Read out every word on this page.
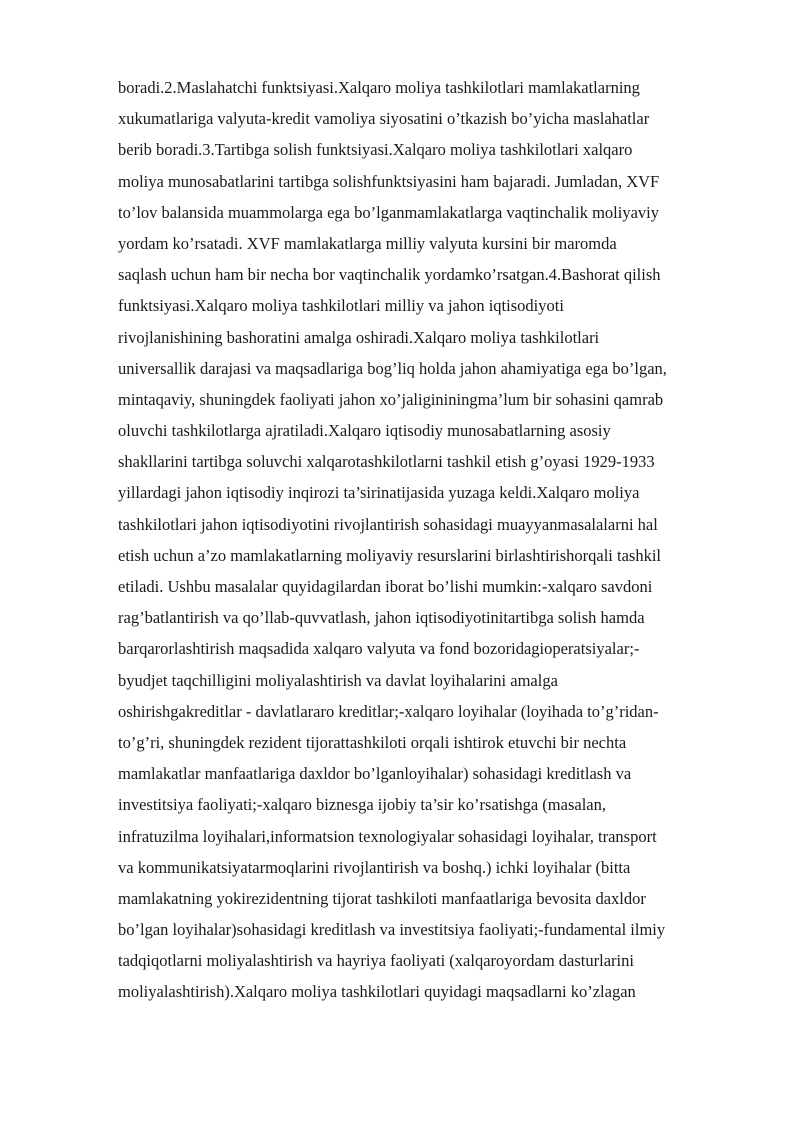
boradi.2.Maslahatchi funktsiyasi.Xalqaro moliya tashkilotlari mamlakatlarning
xukumatlariga valyuta-kredit vamoliya siyosatini o’tkazish bo’yicha maslahatlar
berib boradi.3.Tartibga solish funktsiyasi.Xalqaro moliya tashkilotlari xalqaro
moliya munosabatlarini tartibga solishfunktsiyasini ham bajaradi. Jumladan, XVF
to’lov balansida muammolarga ega bo’lganmamlakatlarga vaqtinchalik moliyaviy
yordam ko’rsatadi. XVF mamlakatlarga milliy valyuta kursini bir maromda
saqlash uchun ham bir necha bor vaqtinchalik yordamko’rsatgan.4.Bashorat qilish
funktsiyasi.Xalqaro moliya tashkilotlari milliy va jahon iqtisodiyoti
rivojlanishining bashoratini amalga oshiradi.Xalqaro moliya tashkilotlari
universallik darajasi va maqsadlariga bog’liq holda jahon ahamiyatiga ega bo’lgan,
mintaqaviy, shuningdek faoliyati jahon xo’jaligininingma’lum bir sohasini qamrab
oluvchi tashkilotlarga ajratiladi.Xalqaro iqtisodiy munosabatlarning asosiy
shakllarini tartibga soluvchi xalqarotashkilotlarni tashkil etish g’oyasi 1929-1933
yillardagi jahon iqtisodiy inqirozi ta’sirinatijasida yuzaga keldi.Xalqaro moliya
tashkilotlari jahon iqtisodiyotini rivojlantirish sohasidagi muayyanmasalalarni hal
etish uchun a’zo mamlakatlarning moliyaviy resurslarini birlashtirishorqali tashkil
etiladi. Ushbu masalalar quyidagilardan iborat bo’lishi mumkin:-xalqaro savdoni
rag’batlantirish va qo’llab-quvvatlash, jahon iqtisodiyotinitartibga solish hamda
barqarorlashtirish maqsadida xalqaro valyuta va fond bozoridagioperatsiyalar;-
byudjet taqchilligini moliyalashtirish va davlat loyihalarini amalga
oshirishgakreditlar - davlatlararo kreditlar;-xalqaro loyihalar (loyihada to’g’ridan-
to’g’ri, shuningdek rezident tijorattashkiloti orqali ishtirok etuvchi bir nechta
mamlakatlar manfaatlariga daxldor bo’lganloyihalar) sohasidagi kreditlash va
investitsiya faoliyati;-xalqaro biznesga ijobiy ta’sir ko’rsatishga (masalan,
infratuzilma loyihalari,informatsion texnologiyalar sohasidagi loyihalar, transport
va kommunikatsiyatarmoqlarini rivojlantirish va boshq.) ichki loyihalar (bitta
mamlakatning yokirezidentning tijorat tashkiloti manfaatlariga bevosita daxldor
bo’lgan loyihalar)sohasidagi kreditlash va investitsiya faoliyati;-fundamental ilmiy
tadqiqotlarni moliyalashtirish va hayriya faoliyati (xalqaroyordam dasturlarini
moliyalashtirish).Xalqaro moliya tashkilotlari quyidagi maqsadlarni ko’zlagan
